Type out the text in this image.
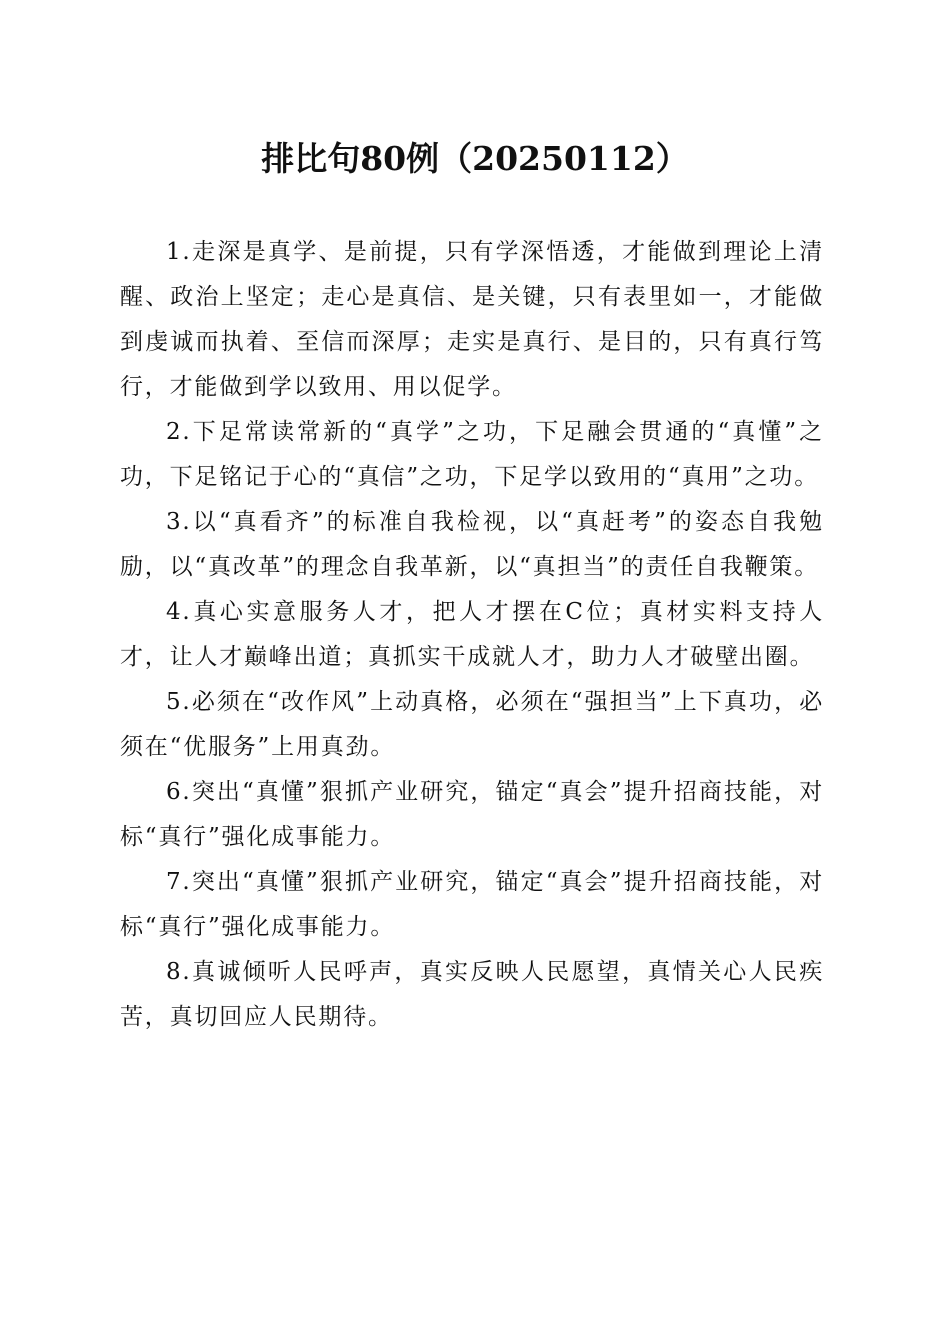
排比句80例（20250112）

1.走深是真学、是前提，只有学深悟透，才能做到理论上清醒、政治上坚定；走心是真信、是关键，只有表里如一，才能做到虔诚而执着、至信而深厚；走实是真行、是目的，只有真行笃行，才能做到学以致用、用以促学。

2.下足常读常新的“真学”之功，下足融会贯通的“真懂”之功，下足铭记于心的“真信”之功，下足学以致用的“真用”之功。

3.以“真看齐”的标准自我检视，以“真赶考”的姿态自我勉励，以“真改革”的理念自我革新，以“真担当”的责任自我鞭策。

4.真心实意服务人才，把人才摆在C位；真材实料支持人才，让人才巅峰出道；真抓实干成就人才，助力人才破壁出圈。

5.必须在“改作风”上动真格，必须在“强担当”上下真功，必须在“优服务”上用真劲。

6.突出“真懂”狠抓产业研究，锚定“真会”提升招商技能，对标“真行”强化成事能力。

7.突出“真懂”狠抓产业研究，锚定“真会”提升招商技能，对标“真行”强化成事能力。

8.真诚倾听人民呼声，真实反映人民愿望，真情关心人民疾苦，真切回应人民期待。
